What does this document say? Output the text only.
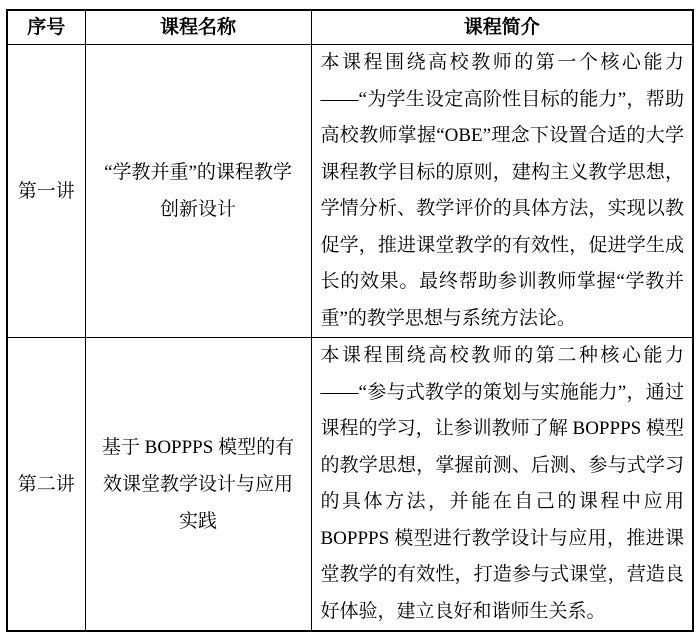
序号	课程名称	课程简介
第一讲	“学教并重”的课程教学创新设计	本课程围绕高校教师的第一个核心能力——“为学生设定高阶性目标的能力”，帮助高校教师掌握“OBE”理念下设置合适的大学课程教学目标的原则，建构主义教学思想，学情分析、教学评价的具体方法，实现以教促学，推进课堂教学的有效性，促进学生成长的效果。最终帮助参训教师掌握“学教并重”的教学思想与系统方法论。
第二讲	基于 BOPPPS 模型的有效课堂教学设计与应用实践	本课程围绕高校教师的第二种核心能力——“参与式教学的策划与实施能力”，通过课程的学习，让参训教师了解 BOPPPS 模型的教学思想，掌握前测、后测、参与式学习的具体方法，并能在自己的课程中应用 BOPPPS 模型进行教学设计与应用，推进课堂教学的有效性，打造参与式课堂，营造良好体验，建立良好和谐师生关系。
